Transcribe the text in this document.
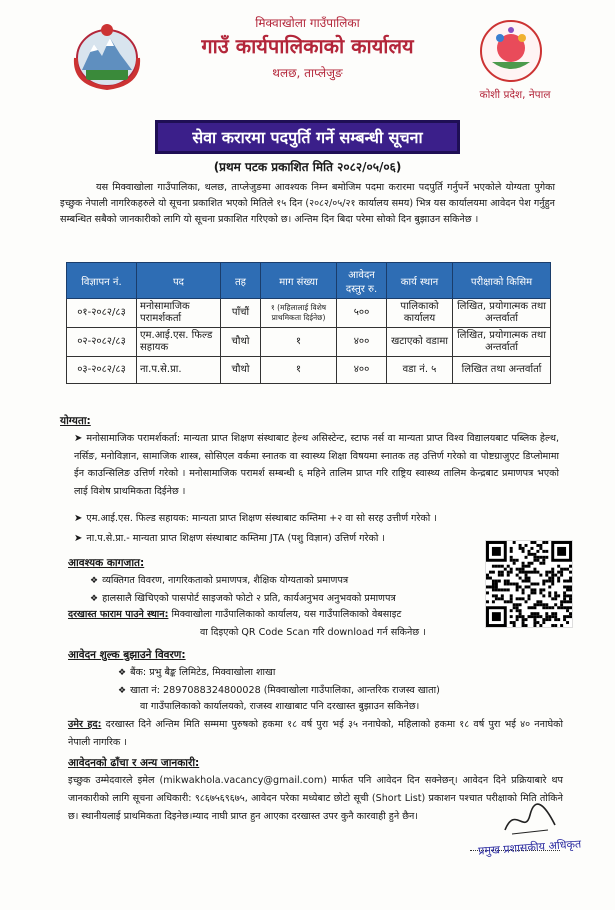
मिक्वाखोला गाउँपालिका
गाउँ कार्यपालिकाको कार्यालय
थलछ, ताप्लेजुङ
कोशी प्रदेश, नेपाल
सेवा करारमा पदपुर्ति गर्ने सम्बन्धी सूचना
(प्रथम पटक प्रकाशित मिति २०८२/०५/०६)

यस मिक्वाखोला गाउँपालिका, थलछ, ताप्लेजुङमा आवश्यक निम्न बमोजिम पदमा करारमा पदपुर्ति गर्नुपर्ने भएकोले योग्यता पुगेका इच्छुक नेपाली नागरिकहरुले यो सूचना प्रकाशित भएको मितिले १५ दिन (२०८२/०५/२१ कार्यालय समय) भित्र यस कार्यालयमा आवेदन पेश गर्नुहुन सम्बन्धित सबैको जानकारीको लागि यो सूचना प्रकाशित गरिएको छ। अन्तिम दिन बिदा परेमा सोको दिन बुझाउन सकिनेछ ।

विज्ञापन नं.	पद	तह	माग संख्या	आवेदन दस्तुर रु.	कार्य स्थान	परीक्षाको किसिम
०१-२०८२/८३	मनोसामाजिक परामर्शकर्ता	पाँचौं	१ (महिलालाई विशेष प्राथमिकता दिईनेछ)	५००	पालिकाको कार्यालय	लिखित, प्रयोगात्मक तथा अन्तर्वार्ता
०२-२०८२/८३	एम.आई.एस. फिल्ड सहायक	चौथो	१	४००	खटाएको वडामा	लिखित, प्रयोगात्मक तथा अन्तर्वार्ता
०३-२०८२/८३	ना.प.से.प्रा.	चौथो	१	४००	वडा नं. ५	लिखित तथा अन्तर्वार्ता
योग्यता:
➤ मनोसामाजिक परामर्शकर्ता: मान्यता प्राप्त शिक्षण संस्थाबाट हेल्थ असिस्टेन्ट, स्टाफ नर्स वा मान्यता प्राप्त विश्व विद्यालयबाट पब्लिक हेल्थ, नर्सिङ, मनोविज्ञान, सामाजिक शास्त्र, सोसिएल वर्कमा स्नातक वा स्वास्थ्य शिक्षा विषयमा स्नातक तह उत्तिर्ण गरेको वा पोष्टग्राजुएट डिप्लोमामा ईन काउन्सिलिङ उत्तिर्ण गरेको । मनोसामाजिक परामर्श सम्बन्धी ६ महिने तालिम प्राप्त गरि राष्ट्रिय स्वास्थ्य तालिम केन्द्रबाट प्रमाणपत्र भएको लाई विशेष प्राथमिकता दिईनेछ ।
➤ एम.आई.एस. फिल्ड सहायक: मान्यता प्राप्त शिक्षण संस्थाबाट कम्तिमा +२ वा सो सरह उत्तीर्ण गरेको ।
➤ ना.प.से.प्रा.- मान्यता प्राप्त शिक्षण संस्थाबाट कम्तिमा JTA (पशु विज्ञान) उत्तिर्ण गरेको ।
आवश्यक कागजात:
❖ व्यक्तिगत विवरण, नागरिकताको प्रमाणपत्र, शैक्षिक योग्यताको प्रमाणपत्र
❖ हालसालै खिचिएको पासपोर्ट साइजको फोटो २ प्रति, कार्यअनुभव अनुभवको प्रमाणपत्र
दरखास्त फाराम पाउने स्थान: मिक्वाखोला गाउँपालिकाको कार्यालय, यस गाउँपालिकाको वेबसाइट
वा दिइएको QR Code Scan गरि download गर्न सकिनेछ ।
आवेदन शुल्क बुझाउने विवरण:
❖ बैंक: प्रभु बैङ्क लिमिटेड, मिक्वाखोला शाखा
❖ खाता नं: 2897088324800028 (मिक्वाखोला गाउँपालिका, आन्तरिक राजस्व खाता)
वा गाउँपालिकाको कार्यालयको, राजस्व शाखाबाट पनि दरखास्त बुझाउन सकिनेछ।
उमेर हद: दरखास्त दिने अन्तिम मिति सम्ममा पुरुषको हकमा १८ वर्ष पुरा भई ३५ ननाघेको, महिलाको हकमा १८ वर्ष पुरा भई ४० ननाघेको नेपाली नागरिक ।
आवेदनको ढाँचा र अन्य जानकारी:
इच्छुक उम्मेदवारले इमेल (mikwakhola.vacancy@gmail.com) मार्फत पनि आवेदन दिन सक्नेछन्। आवेदन दिने प्रक्रियाबारे थप जानकारीको लागि सूचना अधिकारी: ९८६७५६९६७५, आवेदन परेका मध्येबाट छोटो सूची (Short List) प्रकाशन पश्चात परीक्षाको मिति तोकिने छ। स्थानीयलाई प्राथमिकता दिइनेछ।म्याद नाघी प्राप्त हुन आएका दरखास्त उपर कुनै कारवाही हुने छैन।
प्रमुख प्रशासकीय अधिकृत
